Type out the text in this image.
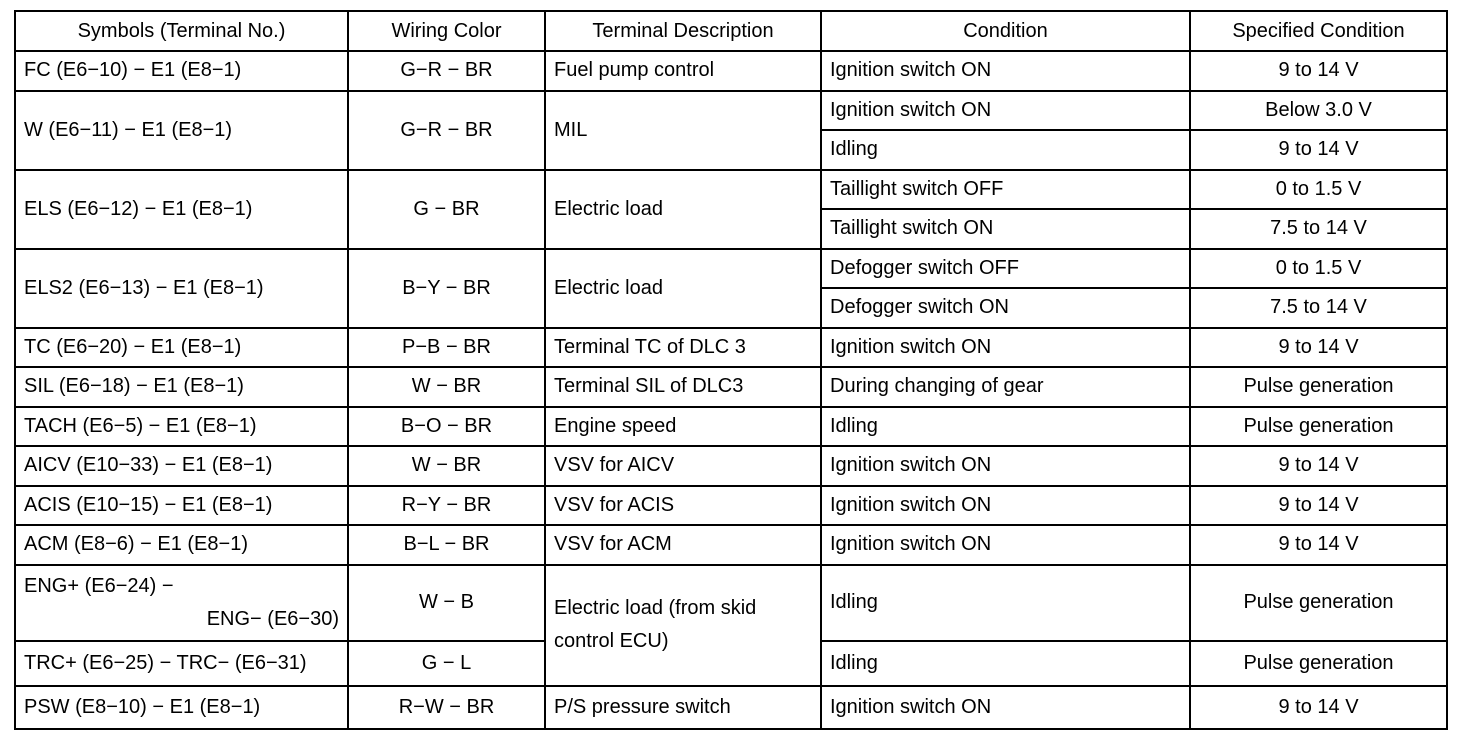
Symbols (Terminal No.)	Wiring Color	Terminal Description	Condition	Specified Condition
FC (E6−10) − E1 (E8−1)	G−R − BR	Fuel pump control	Ignition switch ON	9 to 14 V
W (E6−11) − E1 (E8−1)	G−R − BR	MIL	Ignition switch ON	Below 3.0 V
			Idling	9 to 14 V
ELS (E6−12) − E1 (E8−1)	G − BR	Electric load	Taillight switch OFF	0 to 1.5 V
			Taillight switch ON	7.5 to 14 V
ELS2 (E6−13) − E1 (E8−1)	B−Y − BR	Electric load	Defogger switch OFF	0 to 1.5 V
			Defogger switch ON	7.5 to 14 V
TC (E6−20) − E1 (E8−1)	P−B − BR	Terminal TC of DLC 3	Ignition switch ON	9 to 14 V
SIL (E6−18) − E1 (E8−1)	W − BR	Terminal SIL of DLC3	During changing of gear	Pulse generation
TACH (E6−5) − E1 (E8−1)	B−O − BR	Engine speed	Idling	Pulse generation
AICV (E10−33) − E1 (E8−1)	W − BR	VSV for AICV	Ignition switch ON	9 to 14 V
ACIS (E10−15) − E1 (E8−1)	R−Y − BR	VSV for ACIS	Ignition switch ON	9 to 14 V
ACM (E8−6) − E1 (E8−1)	B−L − BR	VSV for ACM	Ignition switch ON	9 to 14 V

ENG+ (E6−24) −
ENG− (E6−30)	W − B	Electric load (from skid control ECU)	Idling	Pulse generation
TRC+ (E6−25) − TRC− (E6−31)	G − L		Idling	Pulse generation
PSW (E8−10) − E1 (E8−1)	R−W − BR	P/S pressure switch	Ignition switch ON	9 to 14 V
